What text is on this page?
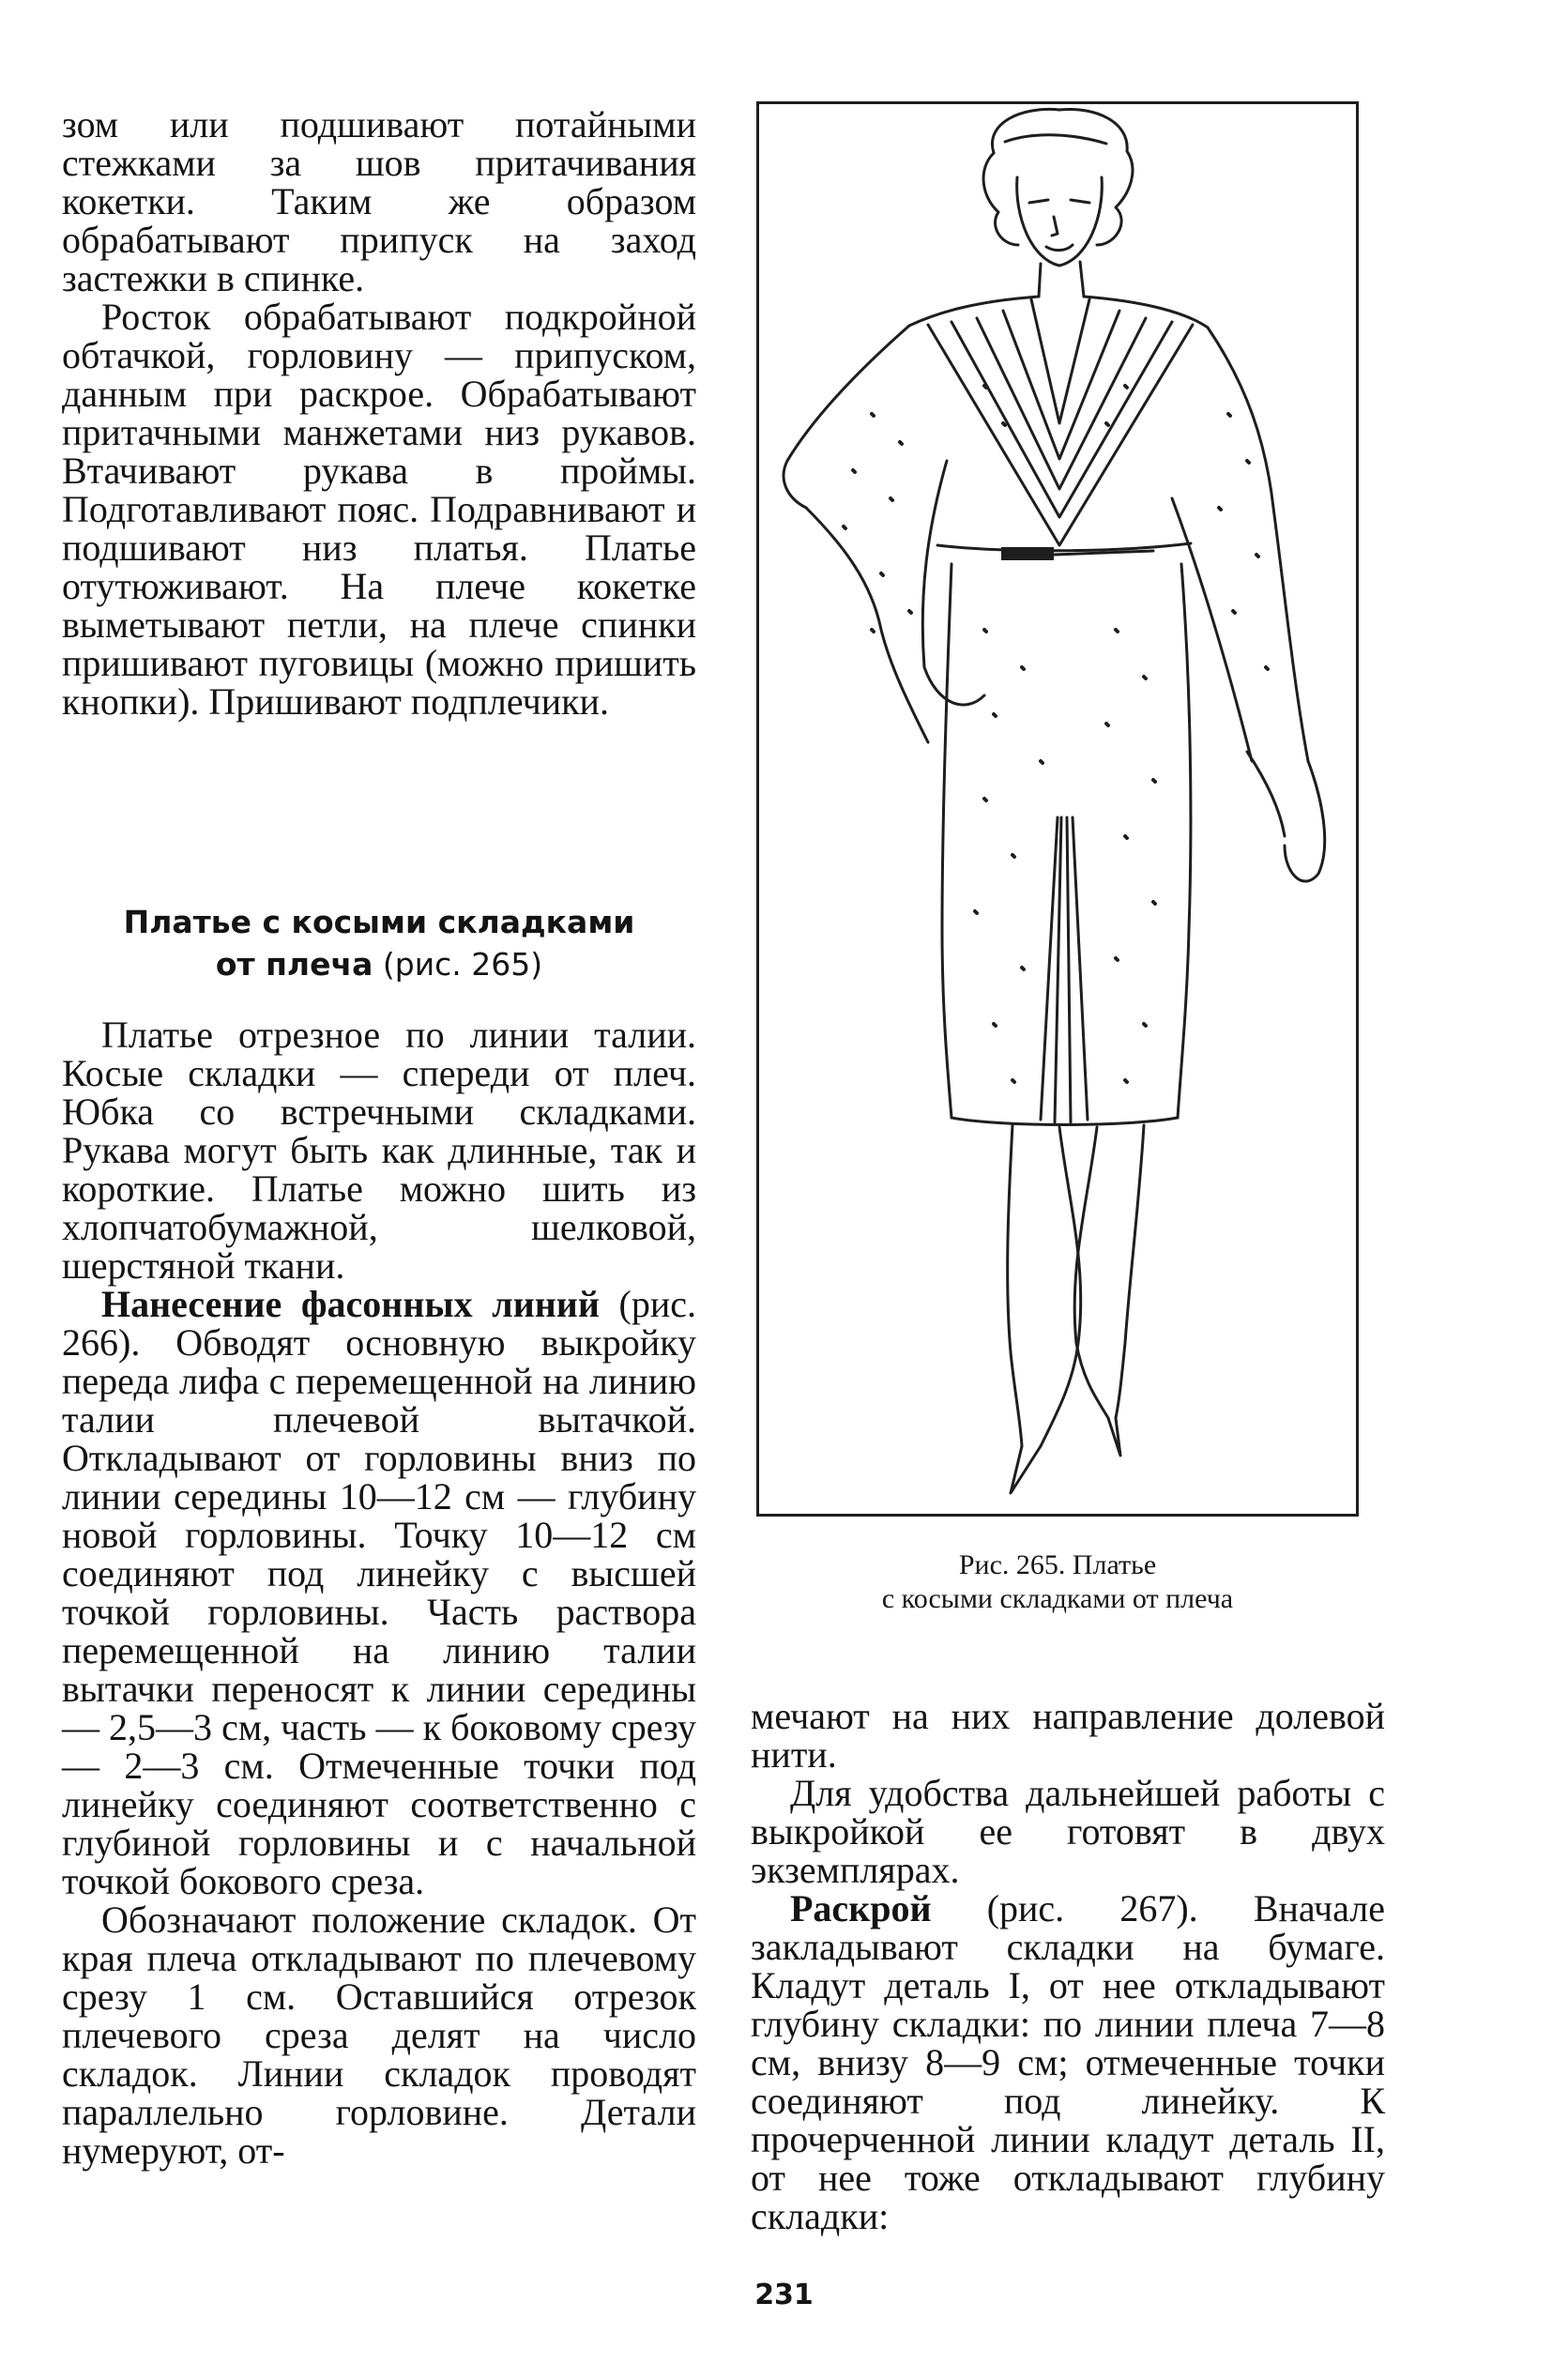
зом или подшивают потайными стежками за шов притачивания кокетки. Таким же образом обрабатывают припуск на заход застежки в спинке.

Росток обрабатывают подкройной обтачкой, горловину — припуском, данным при раскрое. Обрабатывают притачными манжетами низ рукавов. Втачивают рукава в проймы. Подготавливают пояс. Подравнивают и подшивают низ платья. Платье отутюживают. На плече кокетке выметывают петли, на плече спинки пришивают пуговицы (можно пришить кнопки). Пришивают подплечики.

Платье с косыми складками
от плеча (рис. 265)

Платье отрезное по линии талии. Косые складки — спереди от плеч. Юбка со встречными складками. Рукава могут быть как длинные, так и короткие. Платье можно шить из хлопчатобумажной, шелковой, шерстяной ткани.

Нанесение фасонных линий (рис. 266). Обводят основную выкройку переда лифа с перемещенной на линию талии плечевой вытачкой. Откладывают от горловины вниз по линии середины 10—12 см — глубину новой горловины. Точку 10—12 см соединяют под линейку с высшей точкой горловины. Часть раствора перемещенной на линию талии вытачки переносят к линии середины — 2,5—3 см, часть — к боковому срезу — 2—3 см. Отмеченные точки под линейку соединяют соответственно с глубиной горловины и с начальной точкой бокового среза.

Обозначают положение складок. От края плеча откладывают по плечевому срезу 1 см. Оставшийся отрезок плечевого среза делят на число складок. Линии складок проводят параллельно горловине. Детали нумеруют, от-

Рис. 265. Платье
с косыми складками от плеча

мечают на них направление долевой нити.

Для удобства дальнейшей работы с выкройкой ее готовят в двух экземплярах.

Раскрой (рис. 267). Вначале закладывают складки на бумаге. Кладут деталь I, от нее откладывают глубину складки: по линии плеча 7—8 см, внизу 8—9 см; отмеченные точки соединяют под линейку. К прочерченной линии кладут деталь II, от нее тоже откладывают глубину складки:

231
